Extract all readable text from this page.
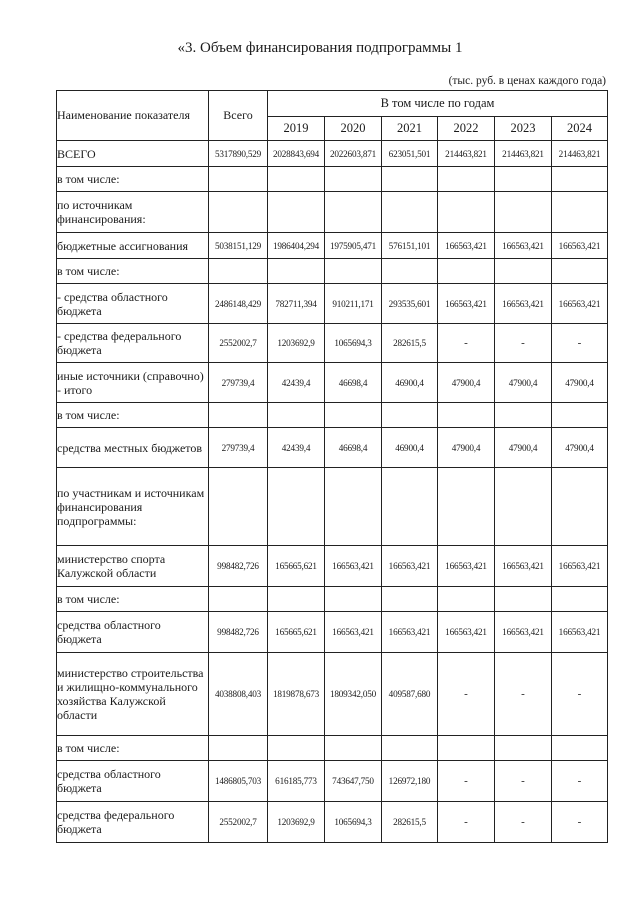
«3. Объем финансирования подпрограммы 1
(тыс. руб. в ценах каждого года)
Наименование показателя	Всего	В том числе по годам					
		2019	2020	2021	2022	2023	2024
ВСЕГО	5317890,529	2028843,694	2022603,871	623051,501	214463,821	214463,821	214463,821
в том числе:							
по источникам финансирования:							
бюджетные ассигнования	5038151,129	1986404,294	1975905,471	576151,101	166563,421	166563,421	166563,421
в том числе:							
- средства областного бюджета	2486148,429	782711,394	910211,171	293535,601	166563,421	166563,421	166563,421
- средства федерального бюджета	2552002,7	1203692,9	1065694,3	282615,5	-	-	-
иные источники (справочно) - итого	279739,4	42439,4	46698,4	46900,4	47900,4	47900,4	47900,4
в том числе:							
средства местных бюджетов	279739,4	42439,4	46698,4	46900,4	47900,4	47900,4	47900,4
по участникам и источникам финансирования подпрограммы:							
министерство спорта Калужской области	998482,726	165665,621	166563,421	166563,421	166563,421	166563,421	166563,421
в том числе:							
средства областного бюджета	998482,726	165665,621	166563,421	166563,421	166563,421	166563,421	166563,421
министерство строительства и жилищно-коммунального хозяйства Калужской области	4038808,403	1819878,673	1809342,050	409587,680	-	-	-
в том числе:							
средства областного бюджета	1486805,703	616185,773	743647,750	126972,180	-	-	-
средства федерального бюджета	2552002,7	1203692,9	1065694,3	282615,5	-	-	-
